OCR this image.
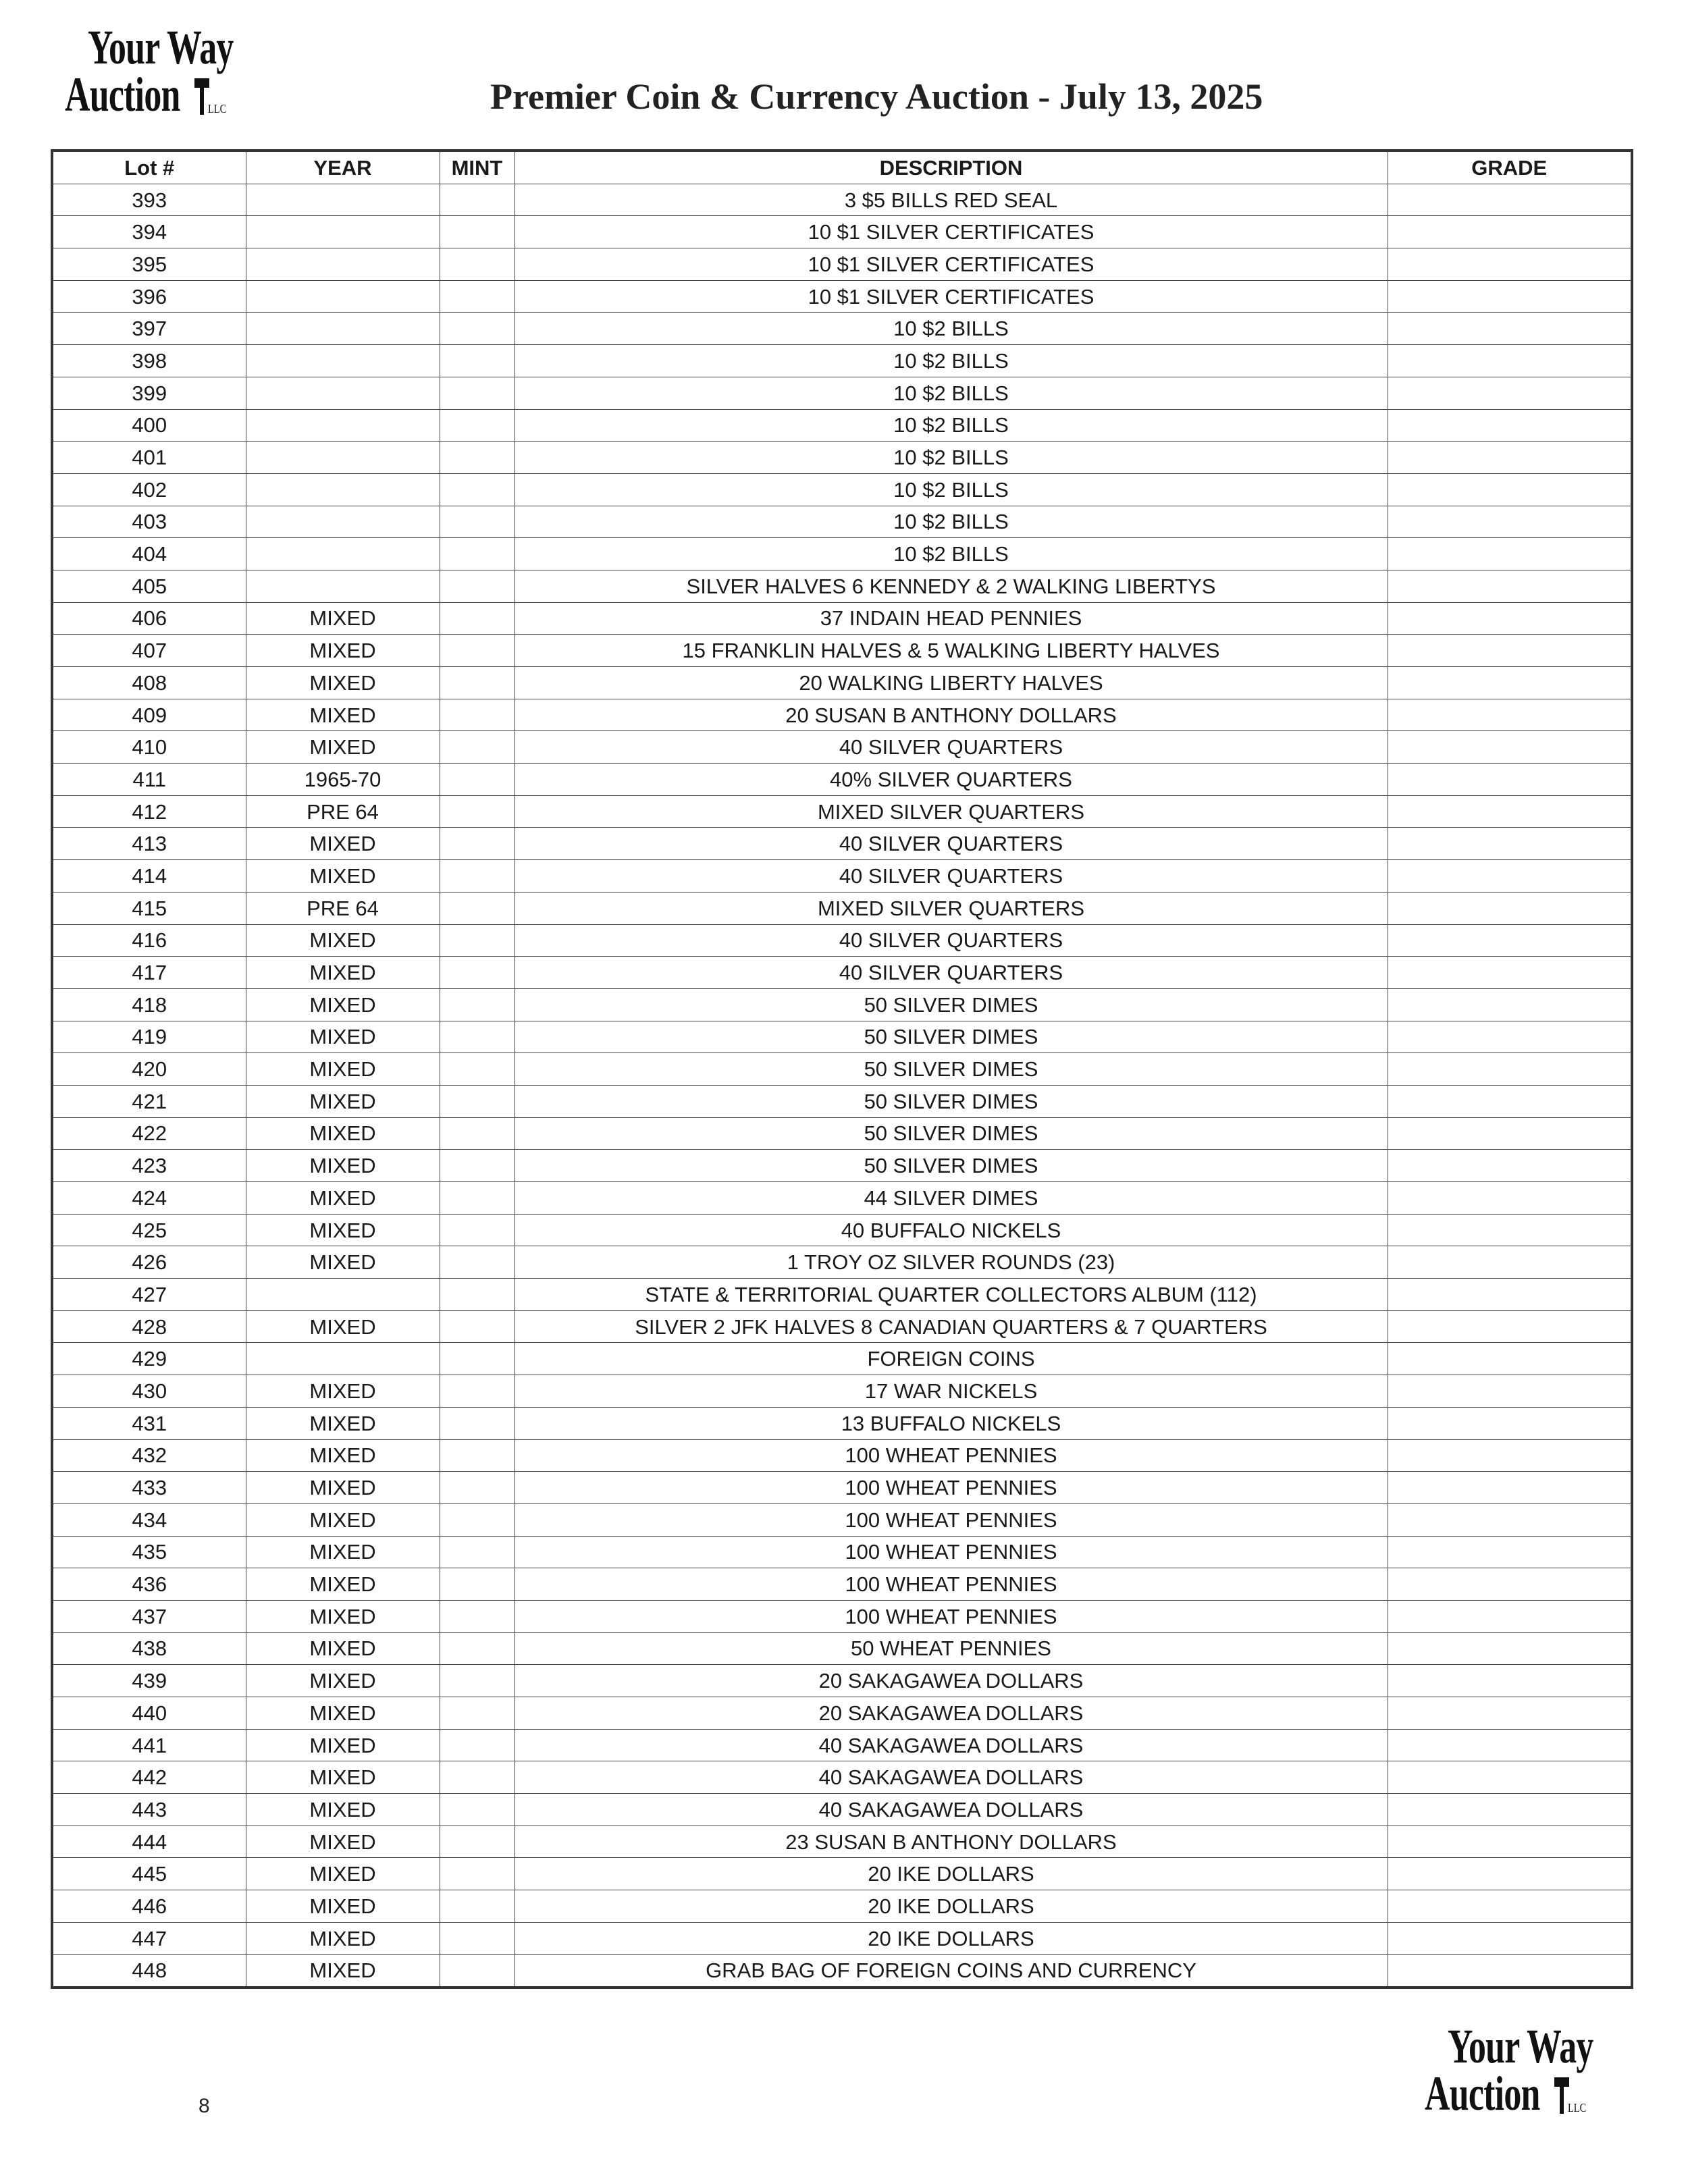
Your Way
Auction LLC	Premier Coin & Currency Auction - July 13, 2025
Lot #	YEAR	MINT	DESCRIPTION	GRADE
393			3 $5 BILLS RED SEAL	
394			10 $1 SILVER CERTIFICATES	
395			10 $1 SILVER CERTIFICATES	
396			10 $1 SILVER CERTIFICATES	
397			10 $2 BILLS	
398			10 $2 BILLS	
399			10 $2 BILLS	
400			10 $2 BILLS	
401			10 $2 BILLS	
402			10 $2 BILLS	
403			10 $2 BILLS	
404			10 $2 BILLS	
405			SILVER HALVES 6 KENNEDY & 2 WALKING LIBERTYS	
406	MIXED		37 INDAIN HEAD PENNIES	
407	MIXED		15 FRANKLIN HALVES & 5 WALKING LIBERTY HALVES	
408	MIXED		20 WALKING LIBERTY HALVES	
409	MIXED		20 SUSAN B ANTHONY DOLLARS	
410	MIXED		40 SILVER QUARTERS	
411	1965-70		40% SILVER QUARTERS	
412	PRE 64		MIXED SILVER QUARTERS	
413	MIXED		40 SILVER QUARTERS	
414	MIXED		40 SILVER QUARTERS	
415	PRE 64		MIXED SILVER QUARTERS	
416	MIXED		40 SILVER QUARTERS	
417	MIXED		40 SILVER QUARTERS	
418	MIXED		50 SILVER DIMES	
419	MIXED		50 SILVER DIMES	
420	MIXED		50 SILVER DIMES	
421	MIXED		50 SILVER DIMES	
422	MIXED		50 SILVER DIMES	
423	MIXED		50 SILVER DIMES	
424	MIXED		44 SILVER DIMES	
425	MIXED		40 BUFFALO NICKELS	
426	MIXED		1 TROY OZ SILVER ROUNDS (23)	
427			STATE & TERRITORIAL QUARTER COLLECTORS ALBUM (112)	
428	MIXED		SILVER 2 JFK HALVES 8 CANADIAN QUARTERS & 7 QUARTERS	
429			FOREIGN COINS	
430	MIXED		17 WAR NICKELS	
431	MIXED		13 BUFFALO NICKELS	
432	MIXED		100 WHEAT PENNIES	
433	MIXED		100 WHEAT PENNIES	
434	MIXED		100 WHEAT PENNIES	
435	MIXED		100 WHEAT PENNIES	
436	MIXED		100 WHEAT PENNIES	
437	MIXED		100 WHEAT PENNIES	
438	MIXED		50 WHEAT PENNIES	
439	MIXED		20 SAKAGAWEA DOLLARS	
440	MIXED		20 SAKAGAWEA DOLLARS	
441	MIXED		40 SAKAGAWEA DOLLARS	
442	MIXED		40 SAKAGAWEA DOLLARS	
443	MIXED		40 SAKAGAWEA DOLLARS	
444	MIXED		23 SUSAN B ANTHONY DOLLARS	
445	MIXED		20 IKE DOLLARS	
446	MIXED		20 IKE DOLLARS	
447	MIXED		20 IKE DOLLARS	
448	MIXED		GRAB BAG OF FOREIGN COINS AND CURRENCY	
8
Your Way
Auction LLC
